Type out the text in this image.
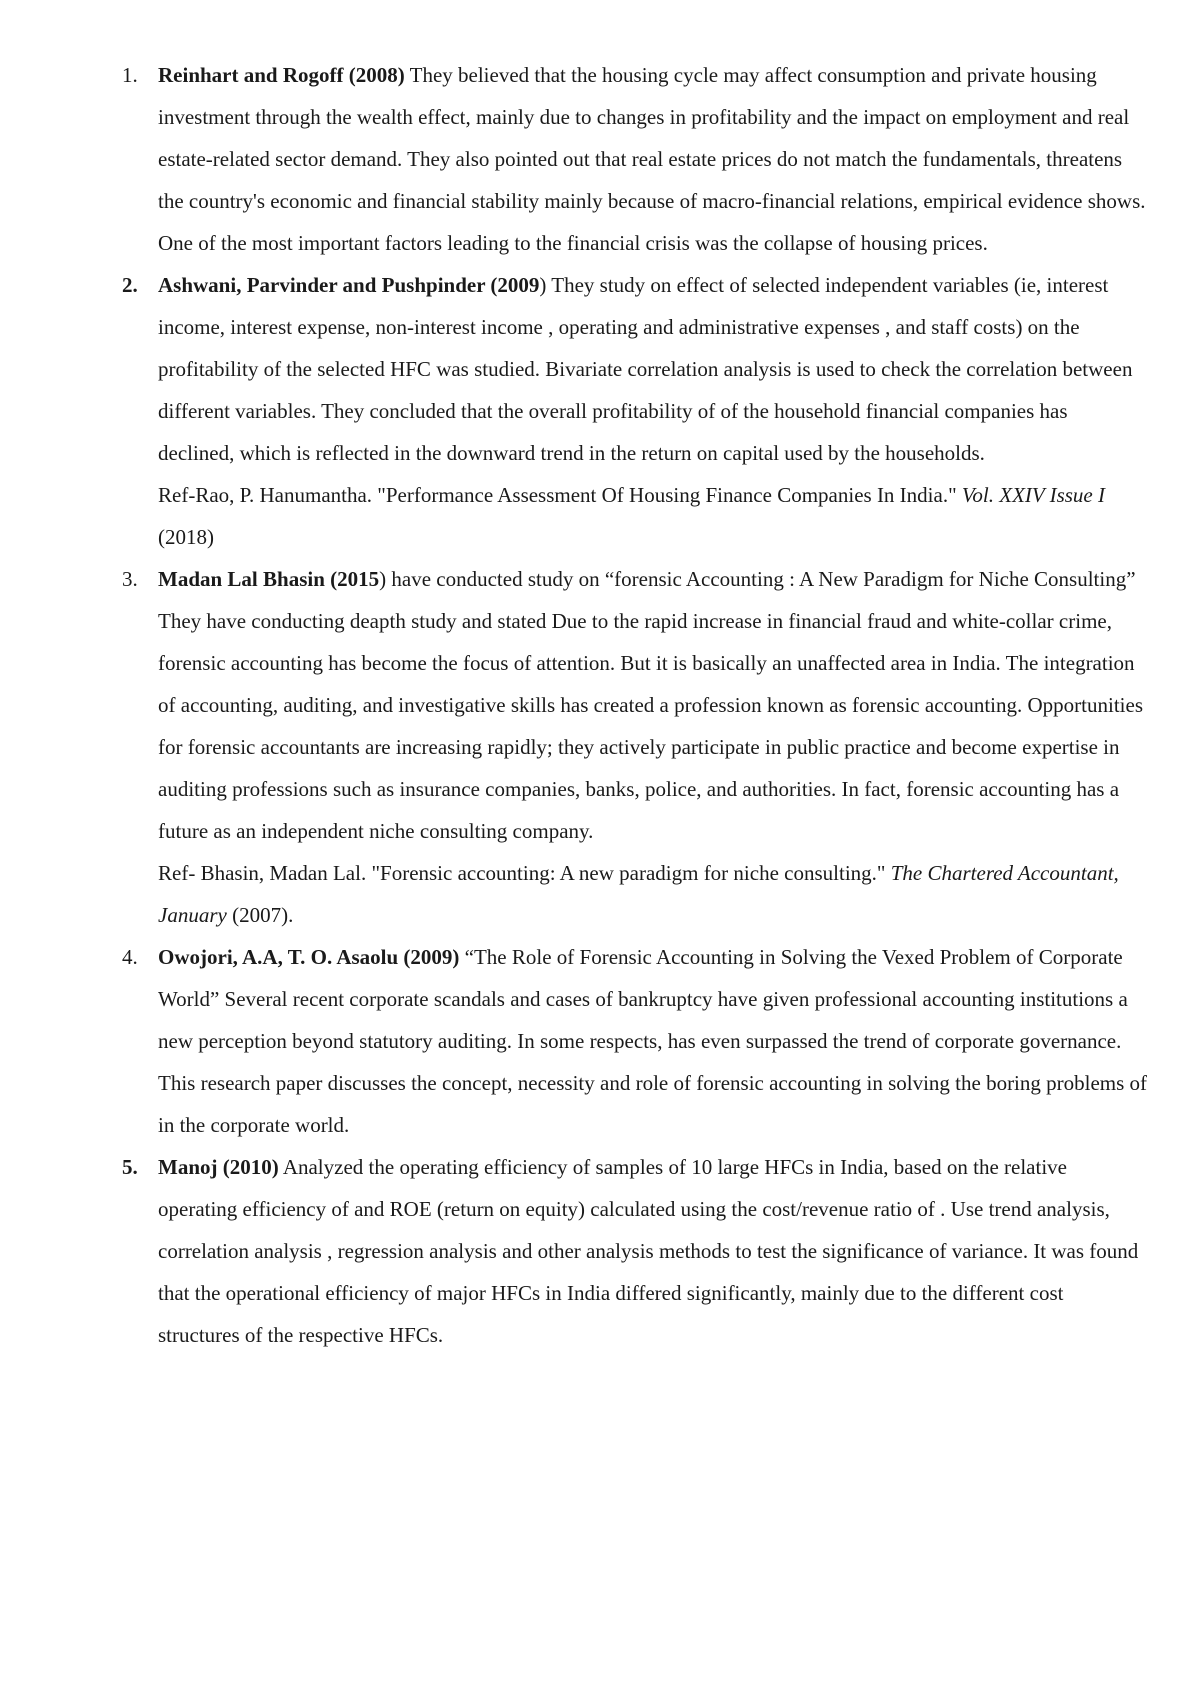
1. Reinhart and Rogoff (2008) They believed that the housing cycle may affect consumption and private housing investment through the wealth effect, mainly due to changes in profitability and the impact on employment and real estate-related sector demand. They also pointed out that real estate prices do not match the fundamentals, threatens the country's economic and financial stability mainly because of macro-financial relations, empirical evidence shows. One of the most important factors leading to the financial crisis was the collapse of housing prices.
2. Ashwani, Parvinder and Pushpinder (2009) They study on effect of selected independent variables (ie, interest income, interest expense, non-interest income , operating and administrative expenses , and staff costs) on the profitability of the selected HFC was studied. Bivariate correlation analysis is used to check the correlation between different variables. They concluded that the overall profitability of of the household financial companies has declined, which is reflected in the downward trend in the return on capital used by the households.
Ref-Rao, P. Hanumantha. "Performance Assessment Of Housing Finance Companies In India." Vol. XXIV Issue I (2018)
3. Madan Lal Bhasin (2015) have conducted study on “forensic Accounting : A New Paradigm for Niche Consulting” They have conducting deapth study and stated Due to the rapid increase in financial fraud and white-collar crime, forensic accounting has become the focus of attention. But it is basically an unaffected area in India. The integration of accounting, auditing, and investigative skills has created a profession known as forensic accounting. Opportunities for forensic accountants are increasing rapidly; they actively participate in public practice and become expertise in auditing professions such as insurance companies, banks, police, and authorities. In fact, forensic accounting has a future as an independent niche consulting company.
Ref- Bhasin, Madan Lal. "Forensic accounting: A new paradigm for niche consulting." The Chartered Accountant, January (2007).
4. Owojori, A.A, T. O. Asaolu (2009) “The Role of Forensic Accounting in Solving the Vexed Problem of Corporate World” Several recent corporate scandals and cases of bankruptcy have given professional accounting institutions a new perception beyond statutory auditing. In some respects, has even surpassed the trend of corporate governance. This research paper discusses the concept, necessity and role of forensic accounting in solving the boring problems of in the corporate world.
5. Manoj (2010) Analyzed the operating efficiency of samples of 10 large HFCs in India, based on the relative operating efficiency of and ROE (return on equity) calculated using the cost/revenue ratio of . Use trend analysis, correlation analysis , regression analysis and other analysis methods to test the significance of variance. It was found that the operational efficiency of major HFCs in India differed significantly, mainly due to the different cost structures of the respective HFCs.
